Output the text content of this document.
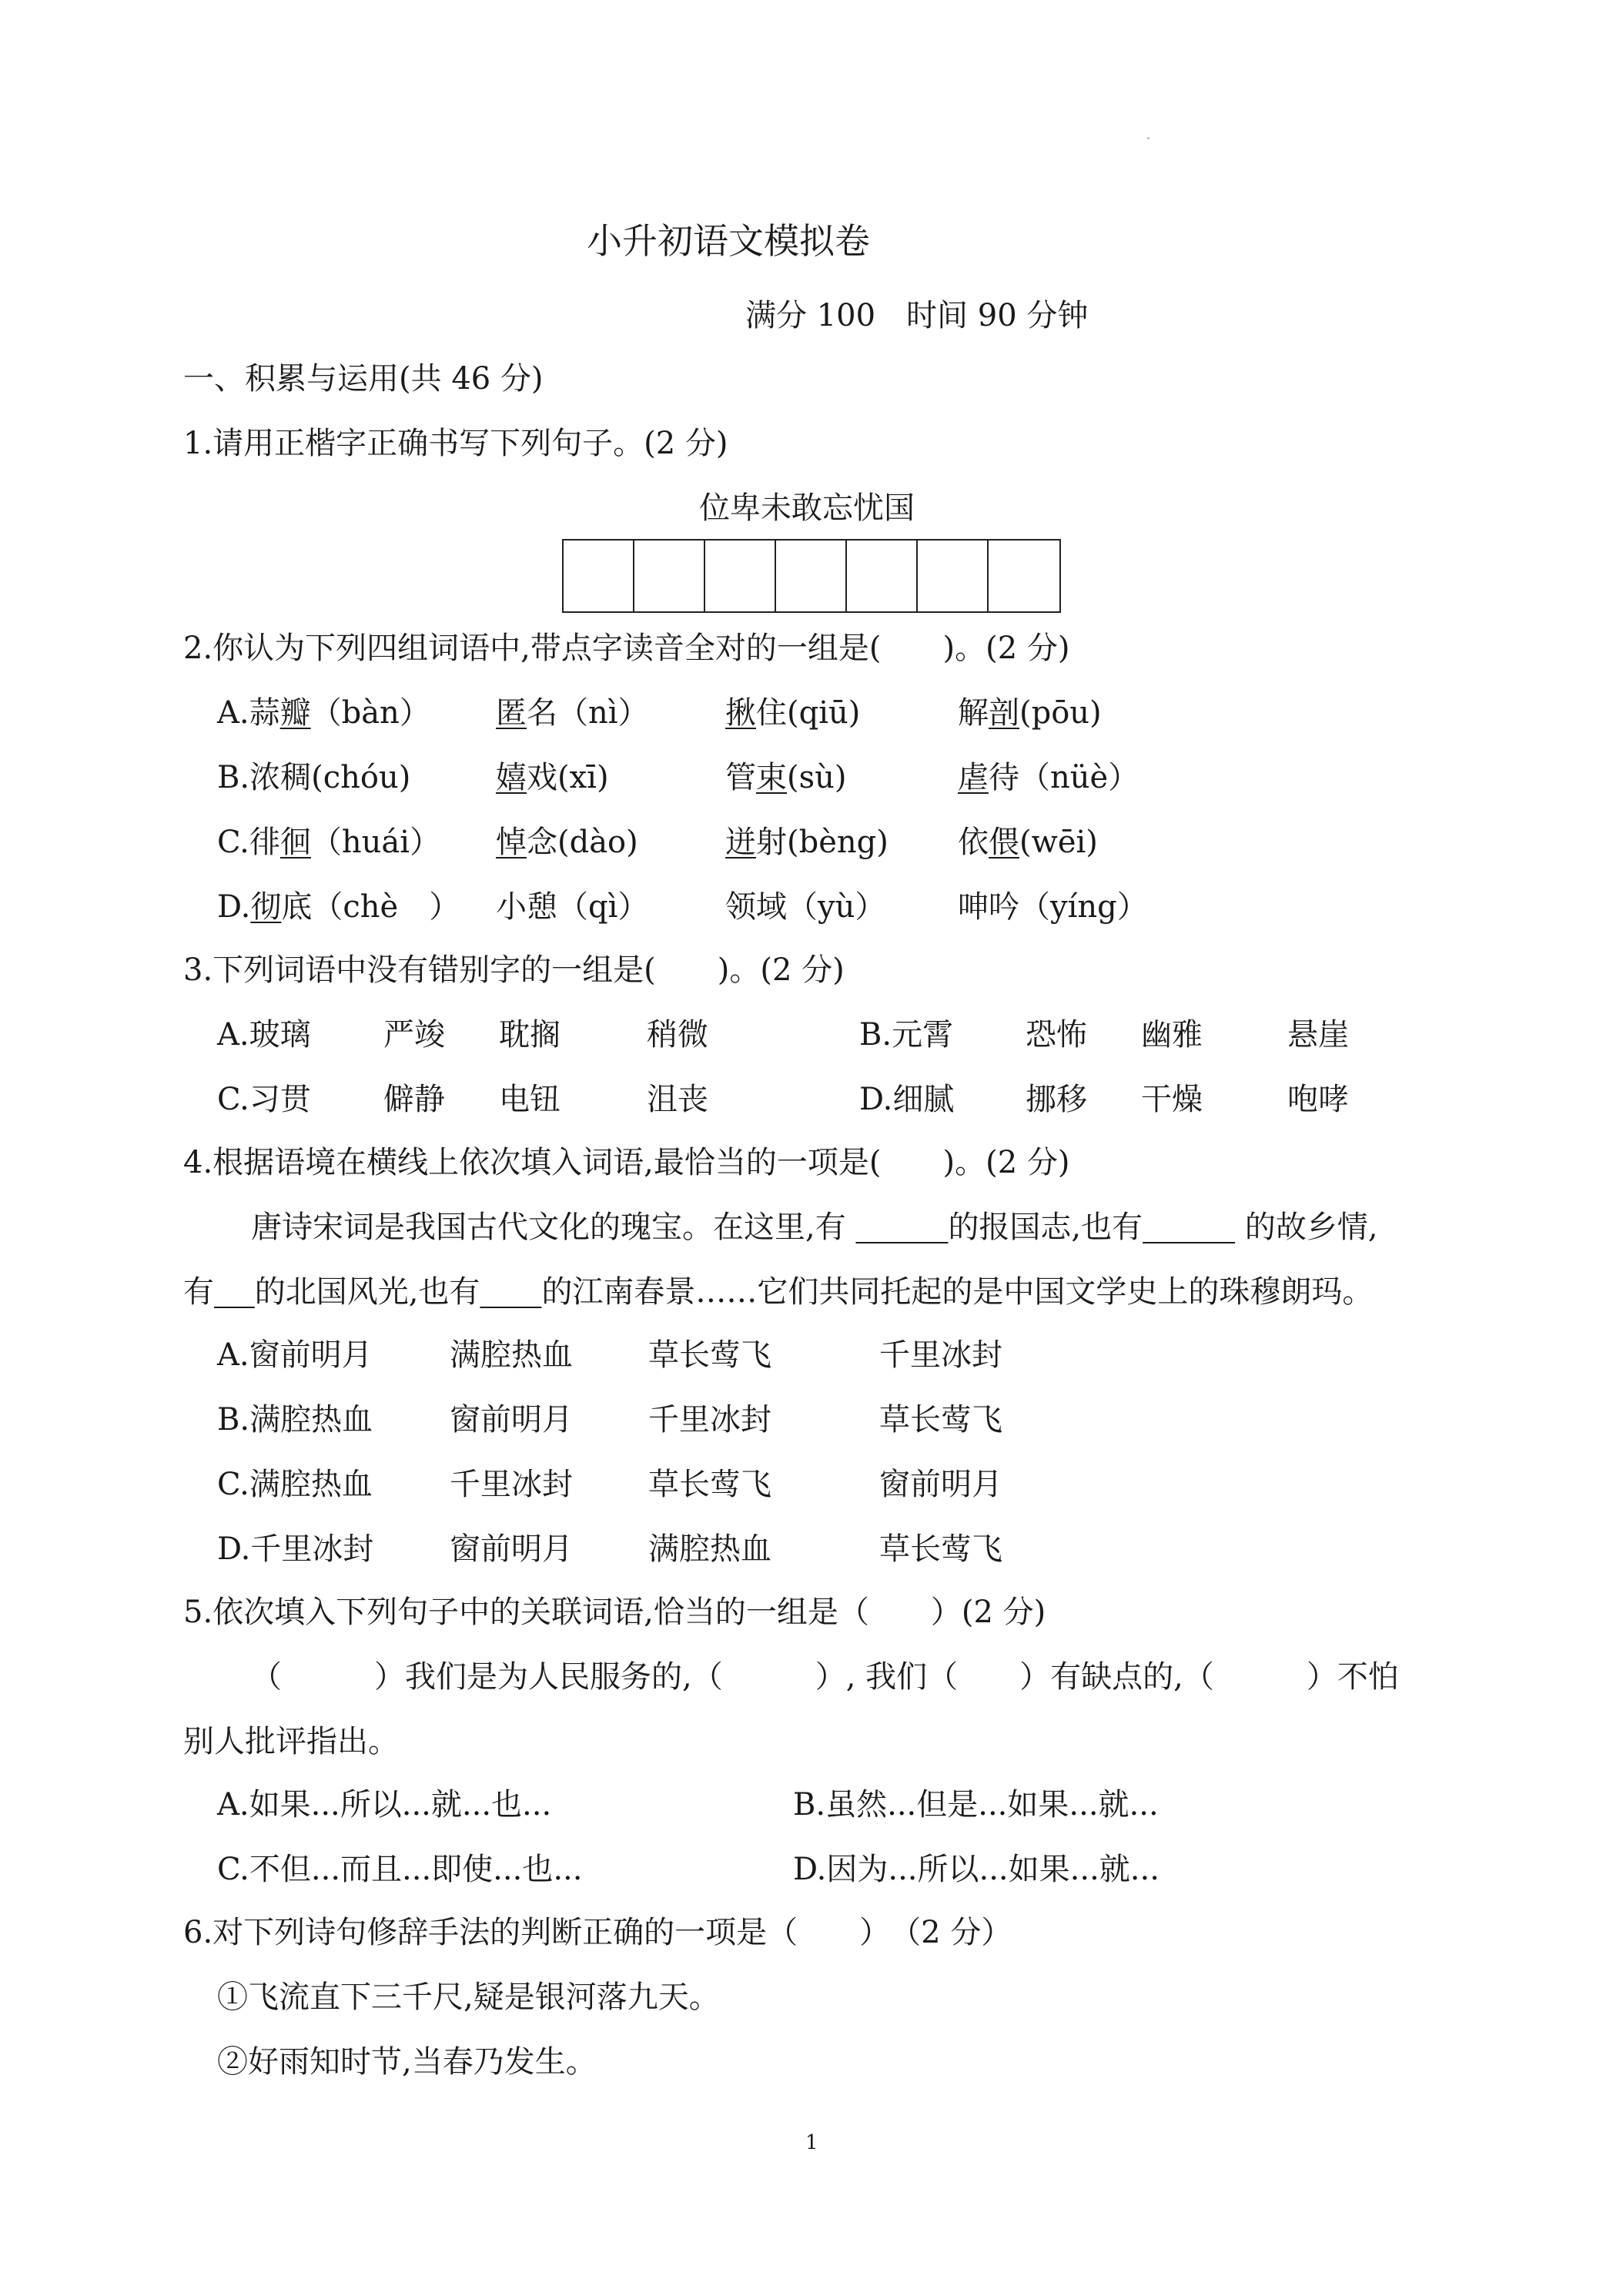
小升初语文模拟卷
满分 100　时间 90 分钟
一、积累与运用(共 46 分)
1.请用正楷字正确书写下列句子。(2 分)
位卑未敢忘忧国
2.你认为下列四组词语中,带点字读音全对的一组是(　　)。(2 分)
A.蒜瓣（bàn） 匿名（nì） 揪住(qiū)	解剖(pōu)
B.浓稠(chóu)	嬉戏(xī)	管束(sù)	虐待（nüè）
C.徘徊（huái） 悼念(dào)	迸射(bèng) 依偎(wēi)
D.彻底（chè　） 小憩（qì） 领域（yù） 呻吟（yíng）
3.下列词语中没有错别字的一组是(　　)。(2 分)
A.玻璃 严竣 耽搁	稍微	B.元霄 恐怖 幽雅	悬崖
C.习贯 僻静 电钮	沮丧	D.细腻 挪移 干燥	咆哮
4.根据语境在横线上依次填入词语,最恰当的一项是(　　)。(2 分)
唐诗宋词是我国古代文化的瑰宝。在这里,有 　　　	的报国志,也有　　　	的故乡情,
有　 的北国风光,也有　　 的江南春景……它们共同托起的是中国文学史上的珠穆朗玛。
A.窗前明月	满腔热血 草长莺飞	千里冰封
B.满腔热血 窗前明月 千里冰封	草长莺飞
C.满腔热血	千里冰封 草长莺飞	窗前明月
D.千里冰封 窗前明月 满腔热血	草长莺飞
5.依次填入下列句子中的关联词语,恰当的一组是（　　）(2 分)
（　　　）我们是为人民服务的,（　　　）, 我们（　　）有缺点的,（　　　）不怕
别人批评指出。
A.如果...所以...就...也...	B.虽然...但是...如果...就...
C.不但...而且...即使...也...	D.因为...所以...如果...就...
6.对下列诗句修辞手法的判断正确的一项是（　　）　（2 分）
①飞流直下三千尺,疑是银河落九天。
②好雨知时节,当春乃发生。
1
